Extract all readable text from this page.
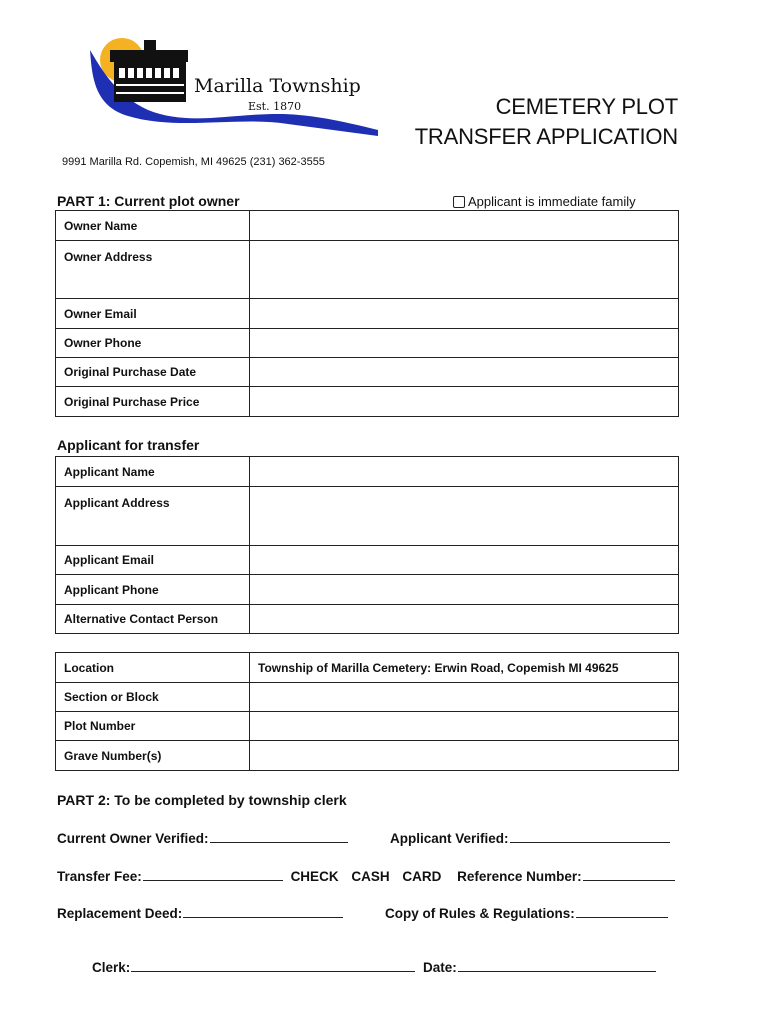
Marilla Township
Est. 1870	CEMETERY PLOT
TRANSFER APPLICATION
9991 Marilla Rd. Copemish, MI 49625 (231) 362-3555
PART 1: Current plot owner	Applicant is immediate family
Owner Name	
Owner Address	
Owner Email	
Owner Phone	
Original Purchase Date	
Original Purchase Price	
Applicant for transfer
Applicant Name	
Applicant Address	
Applicant Email	
Applicant Phone	
Alternative Contact Person	
Location	Township of Marilla Cemetery: Erwin Road, Copemish MI 49625
Section or Block	
Plot Number	
Grave Number(s)	
PART 2: To be completed by township clerk
Current Owner Verified:	Applicant Verified:
Transfer Fee:	CHECK CASH CARD Reference Number:
Replacement Deed:	Copy of Rules & Regulations:
Clerk:	Date:
